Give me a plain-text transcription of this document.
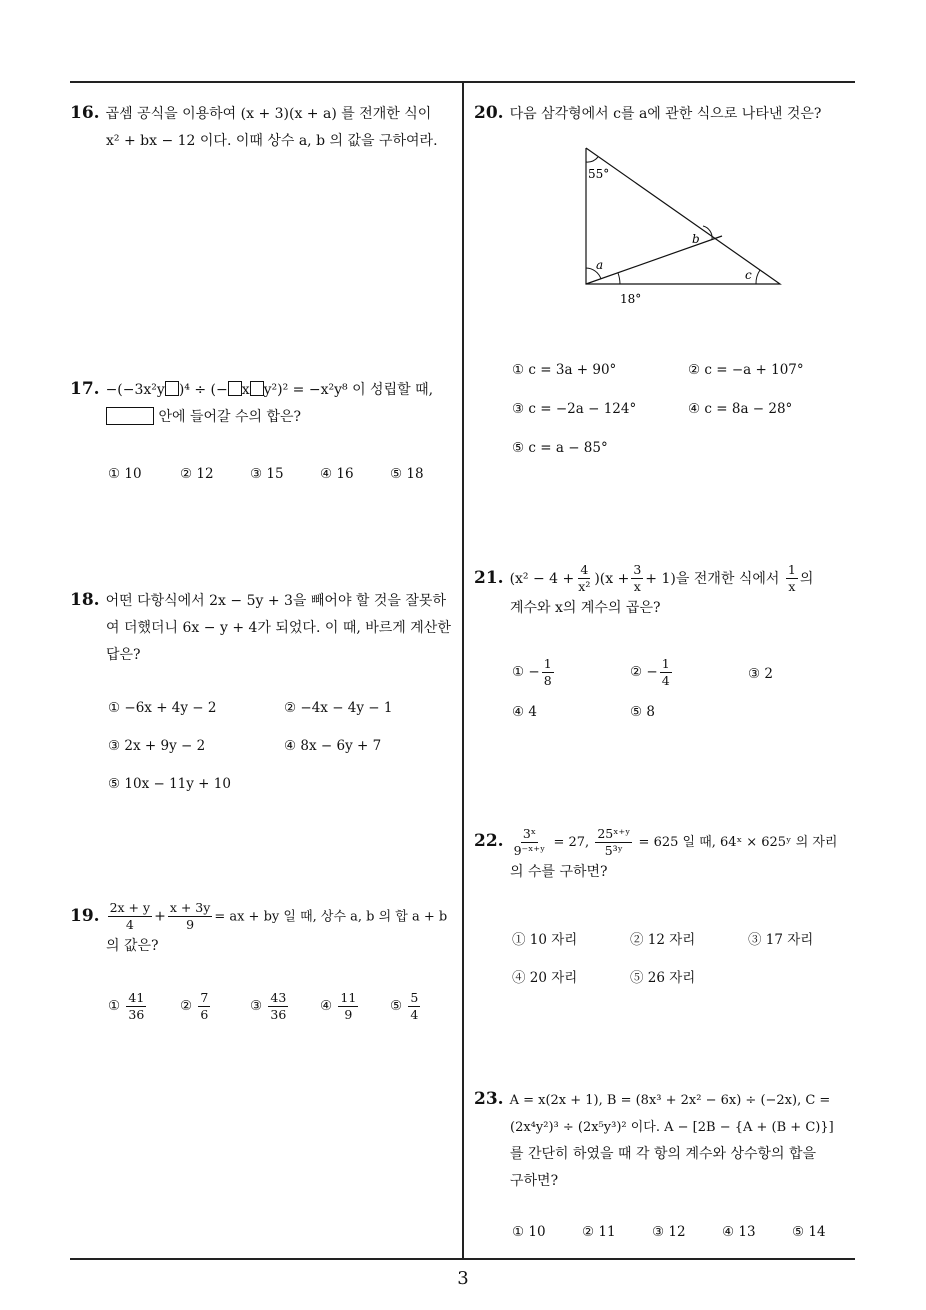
16. 곱셈 공식을 이용하여 (x + 3)(x + a) 를 전개한 식이
x² + bx − 12 이다. 이때 상수 a, b 의 값을 구하여라.
17. −(−3x²y )⁴ ÷ (− x y²)² = −x²y⁸ 이 성립할 때,
안에 들어갈 수의 합은?
① 10	② 12	③ 15	④ 16	⑤ 18
18. 어떤 다항식에서 2x − 5y + 3을 빼어야 할 것을 잘못하
여 더했더니 6x − y + 4가 되었다. 이 때, 바르게 계산한
답은?
① −6x + 4y − 2	② −4x − 4y − 1
③ 2x + 9y − 2	④ 8x − 6y + 7
⑤ 10x − 11y + 10
19. $\frac{2x + y}{4} + \frac{x + 3y}{9}$ = ax + by 일 때, 상수 a, b 의 합 a + b
의 값은?
① $\frac{41}{36}$ ② $\frac{7}{6}$	③ $\frac{43}{36}$ ④ $\frac{11}{9}$ ⑤ $\frac{5}{4}$
20. 다음 삼각형에서 c를 a에 관한 식으로 나타낸 것은?
55°
b
a
c
18°
① c = 3a + 90°	② c = −a + 107°
③ c = −2a − 124°	④ c = 8a − 28°
⑤ c = a − 85°
21. $(x^2 - 4 + \frac{4}{\text{x²}} )(x + \frac{3}{x} + 1)$을 전개한 식에서 $\frac{1}{x}$ 의
계수와 x의 계수의 곱은?
① − $\frac{1}{8}$	② − $\frac{1}{4}$	③ 2
④ 4	⑤ 8
22. $\frac{\text{3ˣ}}{\text{9⁻ˣ⁺ʸ}} = 27$, $\frac{\text{25ˣ⁺ʸ}}{\text{5³ʸ}} = 625$ 일 때, 64ˣ × 625ʸ 의 자리
의 수를 구하면?
① 10 자리	② 12 자리	③ 17 자리
④ 20 자리	⑤ 26 자리
23. A = x(2x + 1), B = (8x³ + 2x² − 6x) ÷ (−2x), C =
(2x⁴y²)³ ÷ (2x⁵y³)² 이다. A − [2B − {A + (B + C)}]
를 간단히 하였을 때 각 항의 계수와 상수항의 합을
구하면?
① 10	② 11	③ 12	④ 13	⑤ 14
3
